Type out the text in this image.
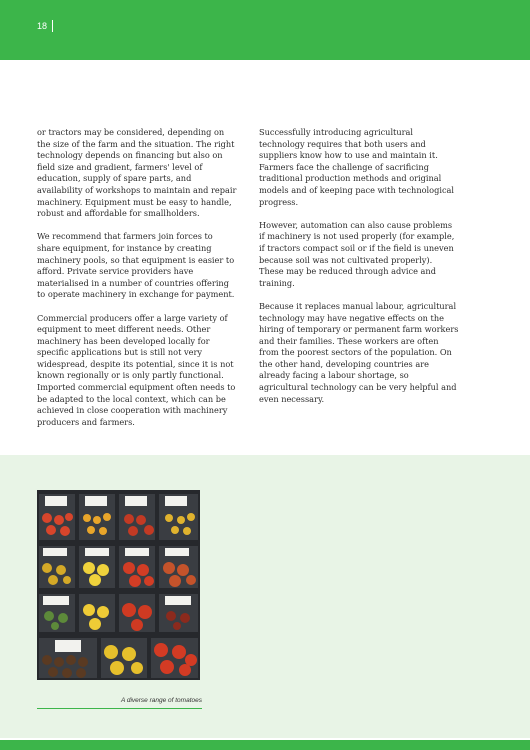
18

or tractors may be considered, depending on the size of the farm and the situation. The right technology depends on financing but also on field size and gradient, farmers' level of education, supply of spare parts, and availability of workshops to maintain and repair machinery. Equipment must be easy to handle, robust and affordable for smallholders.

We recommend that farmers join forces to share equipment, for instance by creating machinery pools, so that equipment is easier to afford. Private service providers have materialised in a number of countries offering to operate machinery in exchange for payment.

Commercial producers offer a large variety of equipment to meet different needs. Other machinery has been developed locally for specific applications but is still not very widespread, despite its potential, since it is not known regionally or is only partly functional. Imported commercial equipment often needs to be adapted to the local context, which can be achieved in close cooperation with machinery producers and farmers.

Successfully introducing agricultural technology requires that both users and suppliers know how to use and maintain it. Farmers face the challenge of sacrificing traditional production methods and original models and of keeping pace with technological progress.

However, automation can also cause problems if machinery is not used properly (for example, if tractors compact soil or if the field is uneven because soil was not cultivated properly). These may be reduced through advice and training.

Because it replaces manual labour, agricultural technology may have negative effects on the hiring of temporary or permanent farm workers and their families. These workers are often from the poorest sectors of the population. On the other hand, developing countries are already facing a labour shortage, so agricultural technology can be very helpful and even necessary.

A diverse range of tomatoes
